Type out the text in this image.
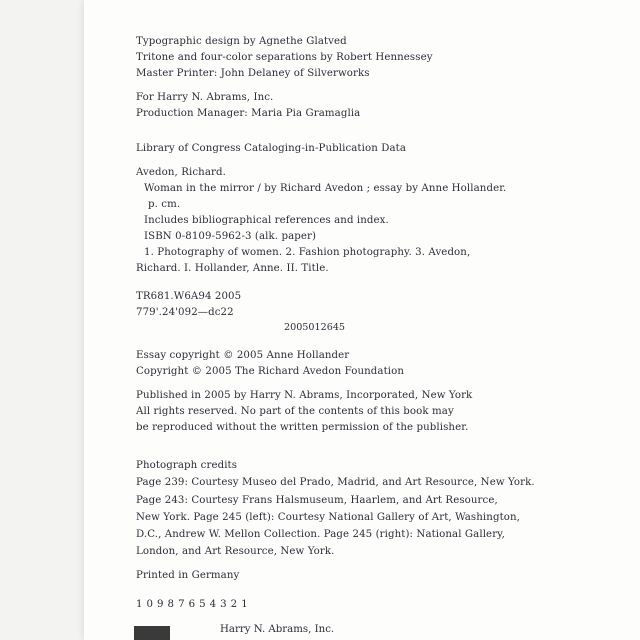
Typographic design by Agnethe Glatved
Tritone and four-color separations by Robert Hennessey
Master Printer: John Delaney of Silverworks
For Harry N. Abrams, Inc.
Production Manager: Maria Pia Gramaglia
Library of Congress Cataloging-in-Publication Data
Avedon, Richard.
Woman in the mirror / by Richard Avedon ; essay by Anne Hollander.
p. cm.
Includes bibliographical references and index.
ISBN 0-8109-5962-3 (alk. paper)
1. Photography of women. 2. Fashion photography. 3. Avedon,
Richard. I. Hollander, Anne. II. Title.
TR681.W6A94 2005
779'.24'092—dc22
2005012645
Essay copyright © 2005 Anne Hollander
Copyright © 2005 The Richard Avedon Foundation
Published in 2005 by Harry N. Abrams, Incorporated, New York
All rights reserved. No part of the contents of this book may
be reproduced without the written permission of the publisher.
Photograph credits
Page 239: Courtesy Museo del Prado, Madrid, and Art Resource, New York.
Page 243: Courtesy Frans Halsmuseum, Haarlem, and Art Resource,
New York. Page 245 (left): Courtesy National Gallery of Art, Washington,
D.C., Andrew W. Mellon Collection. Page 245 (right): National Gallery,
London, and Art Resource, New York.
Printed in Germany
1 0 9 8 7 6 5 4 3 2 1
Harry N. Abrams, Inc.
